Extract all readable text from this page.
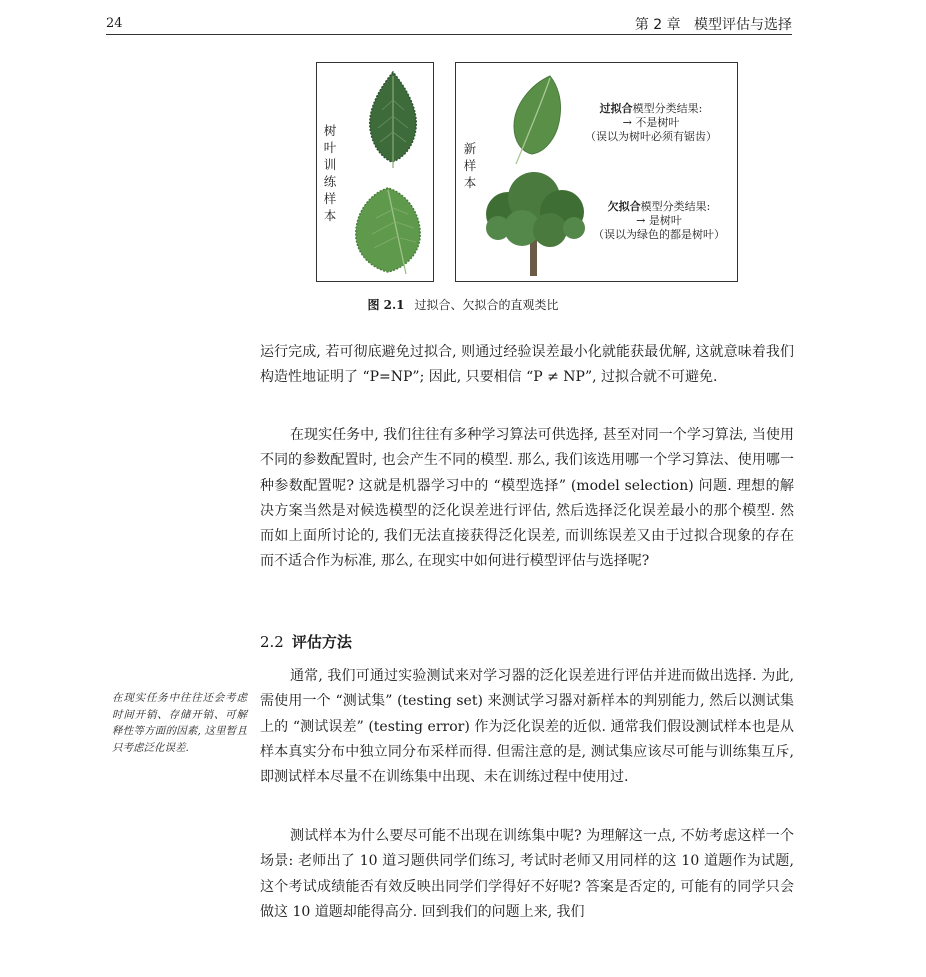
24	第 2 章 模型评估与选择
树叶训练样本
新样本
过拟合模型分类结果:
→ 不是树叶
（误以为树叶必须有锯齿）
欠拟合模型分类结果:
→ 是树叶
（误以为绿色的都是树叶）
图 2.1 过拟合、欠拟合的直观类比
运行完成, 若可彻底避免过拟合, 则通过经验误差最小化就能获最优解, 这就意味着我们构造性地证明了 “P=NP”; 因此, 只要相信 “P ≠ NP”, 过拟合就不可避免.
在现实任务中, 我们往往有多种学习算法可供选择, 甚至对同一个学习算法, 当使用不同的参数配置时, 也会产生不同的模型. 那么, 我们该选用哪一个学习算法、使用哪一种参数配置呢? 这就是机器学习中的 “模型选择” (model selection) 问题. 理想的解决方案当然是对候选模型的泛化误差进行评估, 然后选择泛化误差最小的那个模型. 然而如上面所讨论的, 我们无法直接获得泛化误差, 而训练误差又由于过拟合现象的存在而不适合作为标准, 那么, 在现实中如何进行模型评估与选择呢?
2.2 评估方法
通常, 我们可通过实验测试来对学习器的泛化误差进行评估并进而做出选择. 为此, 需使用一个 “测试集” (testing set) 来测试学习器对新样本的判别能力, 然后以测试集上的 “测试误差” (testing error) 作为泛化误差的近似. 通常我们假设测试样本也是从样本真实分布中独立同分布采样而得. 但需注意的是, 测试集应该尽可能与训练集互斥, 即测试样本尽量不在训练集中出现、未在训练过程中使用过.
在现实任务中往往还会考虑时间开销、存储开销、可解释性等方面的因素, 这里暂且只考虑泛化误差.
测试样本为什么要尽可能不出现在训练集中呢? 为理解这一点, 不妨考虑这样一个场景: 老师出了 10 道习题供同学们练习, 考试时老师又用同样的这 10 道题作为试题, 这个考试成绩能否有效反映出同学们学得好不好呢? 答案是否定的, 可能有的同学只会做这 10 道题却能得高分. 回到我们的问题上来, 我们
